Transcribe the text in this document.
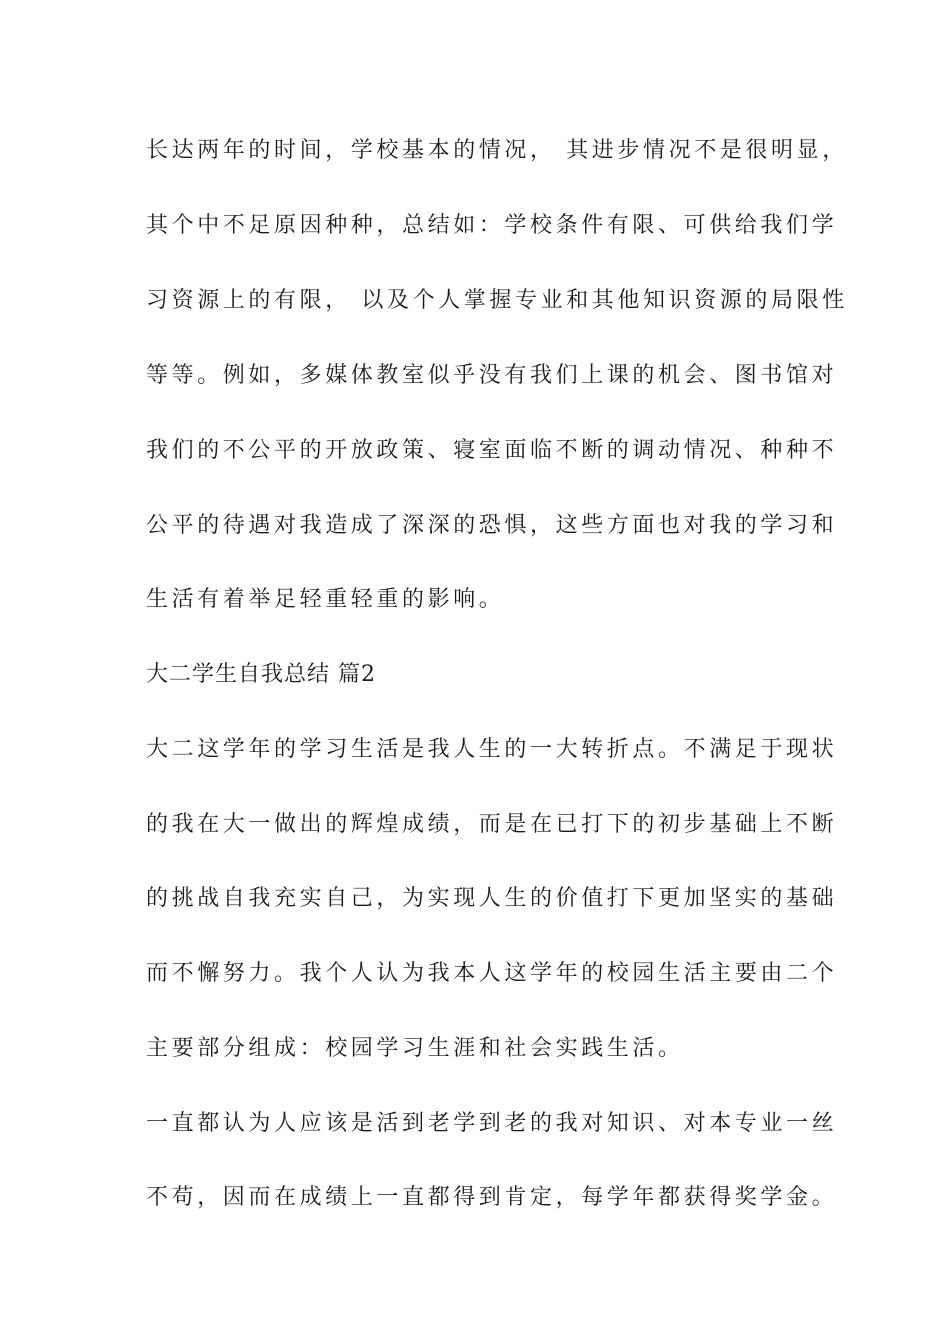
长达两年的时间，学校基本的情况， 其进步情况不是很明显，
其个中不足原因种种，总结如：学校条件有限、可供给我们学
习资源上的有限， 以及个人掌握专业和其他知识资源的局限性
等等。例如，多媒体教室似乎没有我们上课的机会、图书馆对
我们的不公平的开放政策、寝室面临不断的调动情况、种种不
公平的待遇对我造成了深深的恐惧，这些方面也对我的学习和
生活有着举足轻重轻重的影响。
大二学生自我总结 篇2
大二这学年的学习生活是我人生的一大转折点。不满足于现状
的我在大一做出的辉煌成绩，而是在已打下的初步基础上不断
的挑战自我充实自己，为实现人生的价值打下更加坚实的基础
而不懈努力。我个人认为我本人这学年的校园生活主要由二个
主要部分组成：校园学习生涯和社会实践生活。
一直都认为人应该是活到老学到老的我对知识、对本专业一丝
不苟，因而在成绩上一直都得到肯定，每学年都获得奖学金。
